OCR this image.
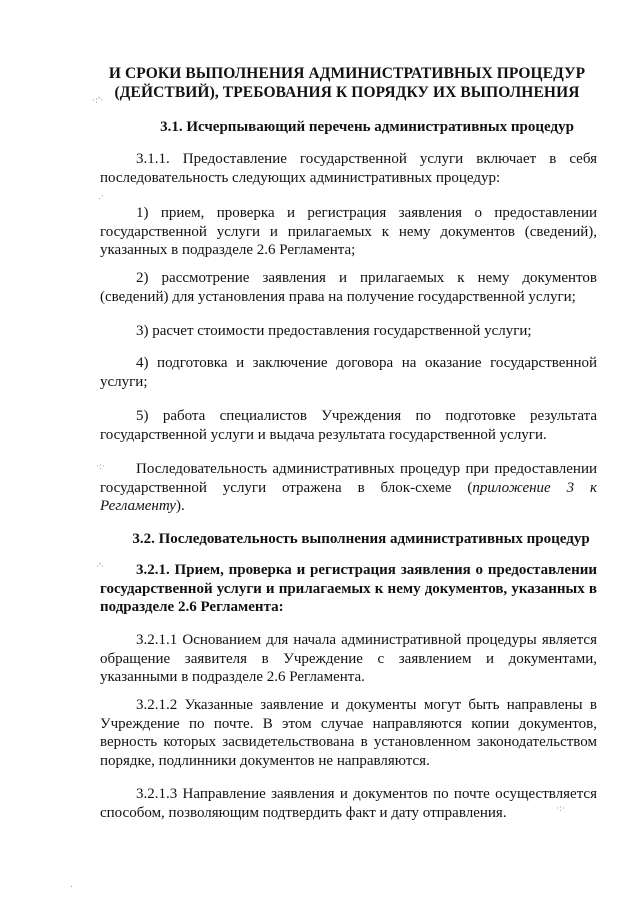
И СРОКИ ВЫПОЛНЕНИЯ АДМИНИСТРАТИВНЫХ ПРОЦЕДУР
(ДЕЙСТВИЙ), ТРЕБОВАНИЯ К ПОРЯДКУ ИХ ВЫПОЛНЕНИЯ
3.1. Исчерпывающий перечень административных процедур
3.1.1. Предоставление государственной услуги включает в себя последовательность следующих административных процедур:
1) прием, проверка и регистрация заявления о предоставлении государственной услуги и прилагаемых к нему документов (сведений), указанных в подразделе 2.6 Регламента;
2) рассмотрение заявления и прилагаемых к нему документов (сведений) для установления права на получение государственной услуги;
3) расчет стоимости предоставления государственной услуги;
4) подготовка и заключение договора на оказание государственной услуги;
5) работа специалистов Учреждения по подготовке результата государственной услуги и выдача результата государственной услуги.
Последовательность административных процедур при предоставлении государственной услуги отражена в блок-схеме (приложение 3 к Регламенту).
3.2. Последовательность выполнения административных процедур
3.2.1. Прием, проверка и регистрация заявления о предоставлении государственной услуги и прилагаемых к нему документов, указанных в подразделе 2.6 Регламента:
3.2.1.1 Основанием для начала административной процедуры является обращение заявителя в Учреждение с заявлением и документами, указанными в подразделе 2.6 Регламента.
3.2.1.2 Указанные заявление и документы могут быть направлены в Учреждение по почте. В этом случае направляются копии документов, верность которых засвидетельствована в установленном законодательством порядке, подлинники документов не направляются.
3.2.1.3 Направление заявления и документов по почте осуществляется способом, позволяющим подтвердить факт и дату отправления.
·:'·
.·
·:·
·'·
·:·
.
